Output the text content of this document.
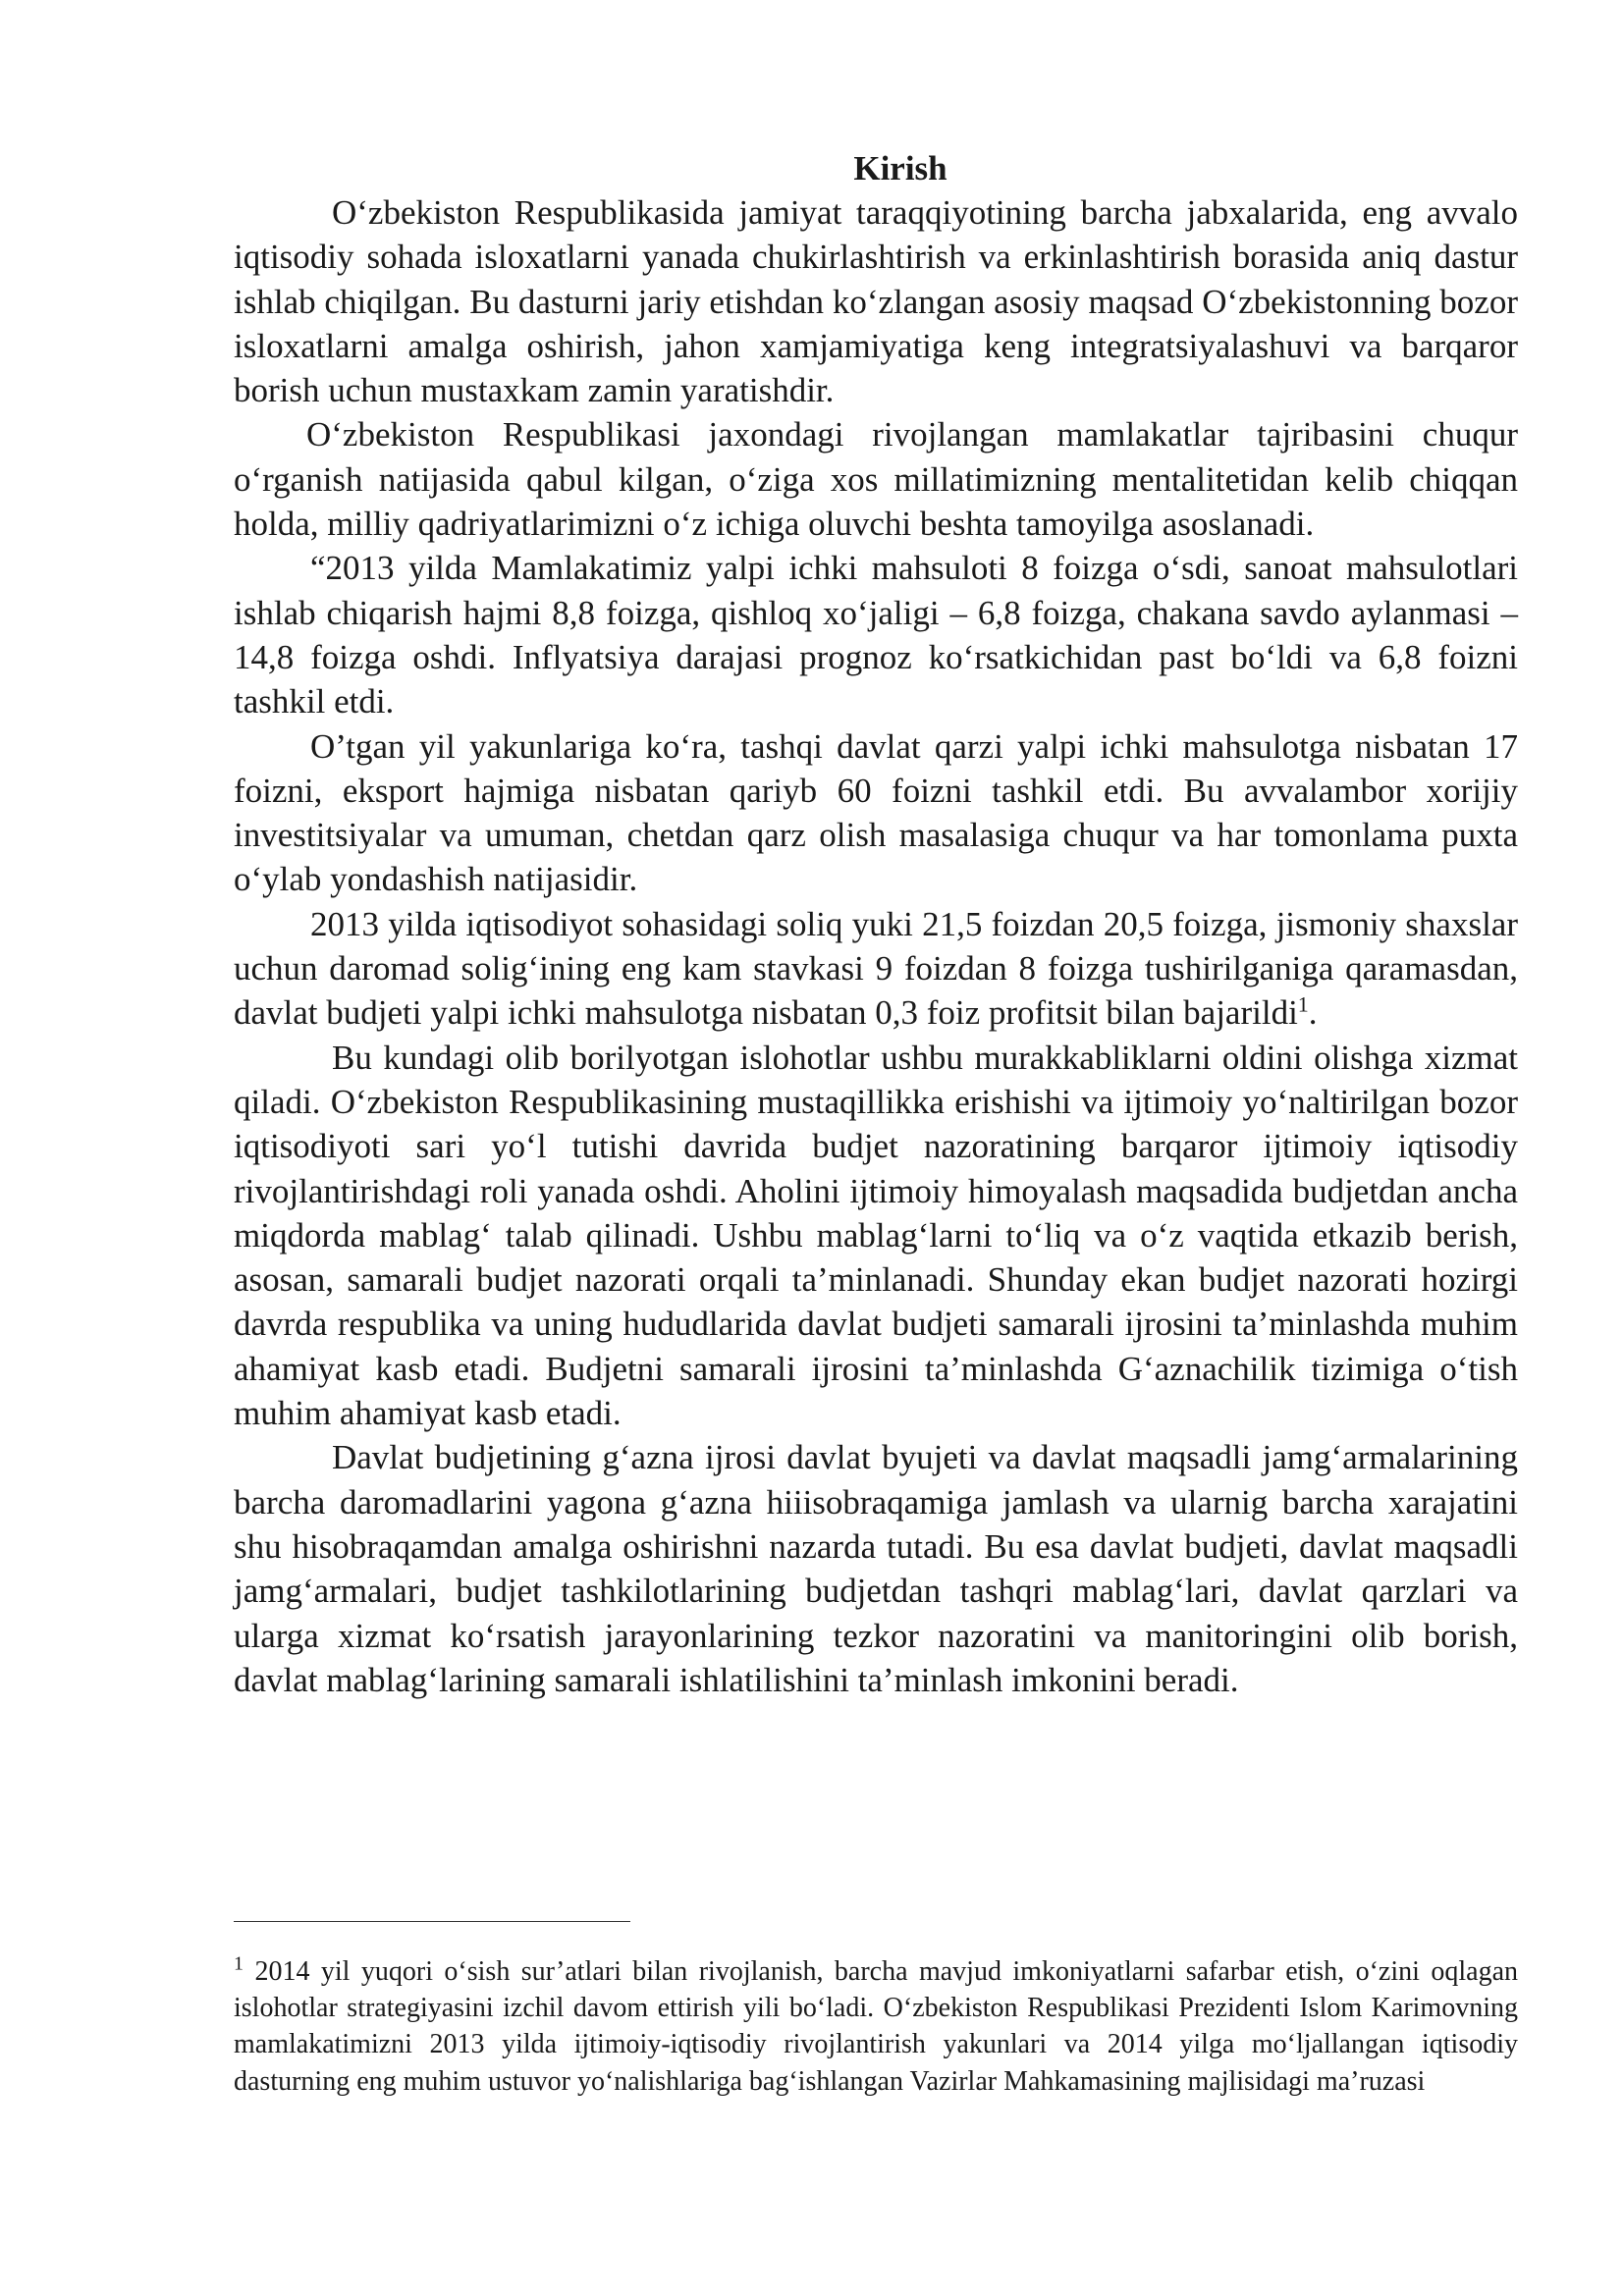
Kirish

O‘zbekiston Respublikasida jamiyat taraqqiyotining barcha jabxalarida, eng avvalo iqtisodiy sohada isloxatlarni yanada chukirlashtirish va erkinlashtirish borasida aniq dastur ishlab chiqilgan. Bu dasturni jariy etishdan ko‘zlangan asosiy maqsad O‘zbekistonning bozor isloxatlarni amalga oshirish, jahon xamjamiyatiga keng integratsiyalashuvi va barqaror borish uchun mustaxkam zamin yaratishdir.

O‘zbekiston Respublikasi jaxondagi rivojlangan mamlakatlar tajribasini chuqur o‘rganish natijasida qabul kilgan, o‘ziga xos millatimizning mentalitetidan kelib chiqqan holda, milliy qadriyatlarimizni o‘z ichiga oluvchi beshta tamoyilga asoslanadi.

“2013 yilda Mamlakatimiz yalpi ichki mahsuloti 8 foizga o‘sdi, sanoat mahsulotlari ishlab chiqarish hajmi 8,8 foizga, qishloq xo‘jaligi – 6,8 foizga, chakana savdo aylanmasi – 14,8 foizga oshdi. Inflyatsiya darajasi prognoz ko‘rsatkichidan past bo‘ldi va 6,8 foizni tashkil etdi.

O’tgan yil yakunlariga ko‘ra, tashqi davlat qarzi yalpi ichki mahsulotga nisbatan 17 foizni, eksport hajmiga nisbatan qariyb 60 foizni tashkil etdi. Bu avvalambor xorijiy investitsiyalar va umuman, chetdan qarz olish masalasiga chuqur va har tomonlama puxta o‘ylab yondashish natijasidir.

2013 yilda iqtisodiyot sohasidagi soliq yuki 21,5 foizdan 20,5 foizga, jismoniy shaxslar uchun daromad solig‘ining eng kam stavkasi 9 foizdan 8 foizga tushirilganiga qaramasdan, davlat budjeti yalpi ichki mahsulotga nisbatan 0,3 foiz profitsit bilan bajarildi$^1$.

Bu kundagi olib borilyotgan islohotlar ushbu murakkabliklarni oldini olishga xizmat qiladi. O‘zbekiston Respublikasining mustaqillikka erishishi va ijtimoiy yo‘naltirilgan bozor iqtisodiyoti sari yo‘l tutishi davrida budjet nazoratining barqaror ijtimoiy iqtisodiy rivojlantirishdagi roli yanada oshdi. Aholini ijtimoiy himoyalash maqsadida budjetdan ancha miqdorda mablag‘ talab qilinadi. Ushbu mablag‘larni to‘liq va o‘z vaqtida etkazib berish, asosan, samarali budjet nazorati orqali ta’minlanadi. Shunday ekan budjet nazorati hozirgi davrda respublika va uning hududlarida davlat budjeti samarali ijrosini ta’minlashda muhim ahamiyat kasb etadi. Budjetni samarali ijrosini ta’minlashda G‘aznachilik tizimiga o‘tish muhim ahamiyat kasb etadi.

Davlat budjetining g‘azna ijrosi davlat byujeti va davlat maqsadli jamg‘armalarining barcha daromadlarini yagona g‘azna hiiisobraqamiga jamlash va ularnig barcha xarajatini shu hisobraqamdan amalga oshirishni nazarda tutadi. Bu esa davlat budjeti, davlat maqsadli jamg‘armalari, budjet tashkilotlarining budjetdan tashqri mablag‘lari, davlat qarzlari va ularga xizmat ko‘rsatish jarayonlarining tezkor nazoratini va manitoringini olib borish, davlat mablag‘larining samarali ishlatilishini ta’minlash imkonini beradi.

$^1$ 2014 yil yuqori o‘sish sur’atlari bilan rivojlanish, barcha mavjud imkoniyatlarni safarbar etish, o‘zini oqlagan islohotlar strategiyasini izchil davom ettirish yili bo‘ladi. O‘zbekiston Respublikasi Prezidenti Islom Karimovning mamlakatimizni 2013 yilda ijtimoiy-iqtisodiy rivojlantirish yakunlari va 2014 yilga mo‘ljallangan iqtisodiy dasturning eng muhim ustuvor yo‘nalishlariga bag‘ishlangan Vazirlar Mahkamasining majlisidagi ma’ruzasi
